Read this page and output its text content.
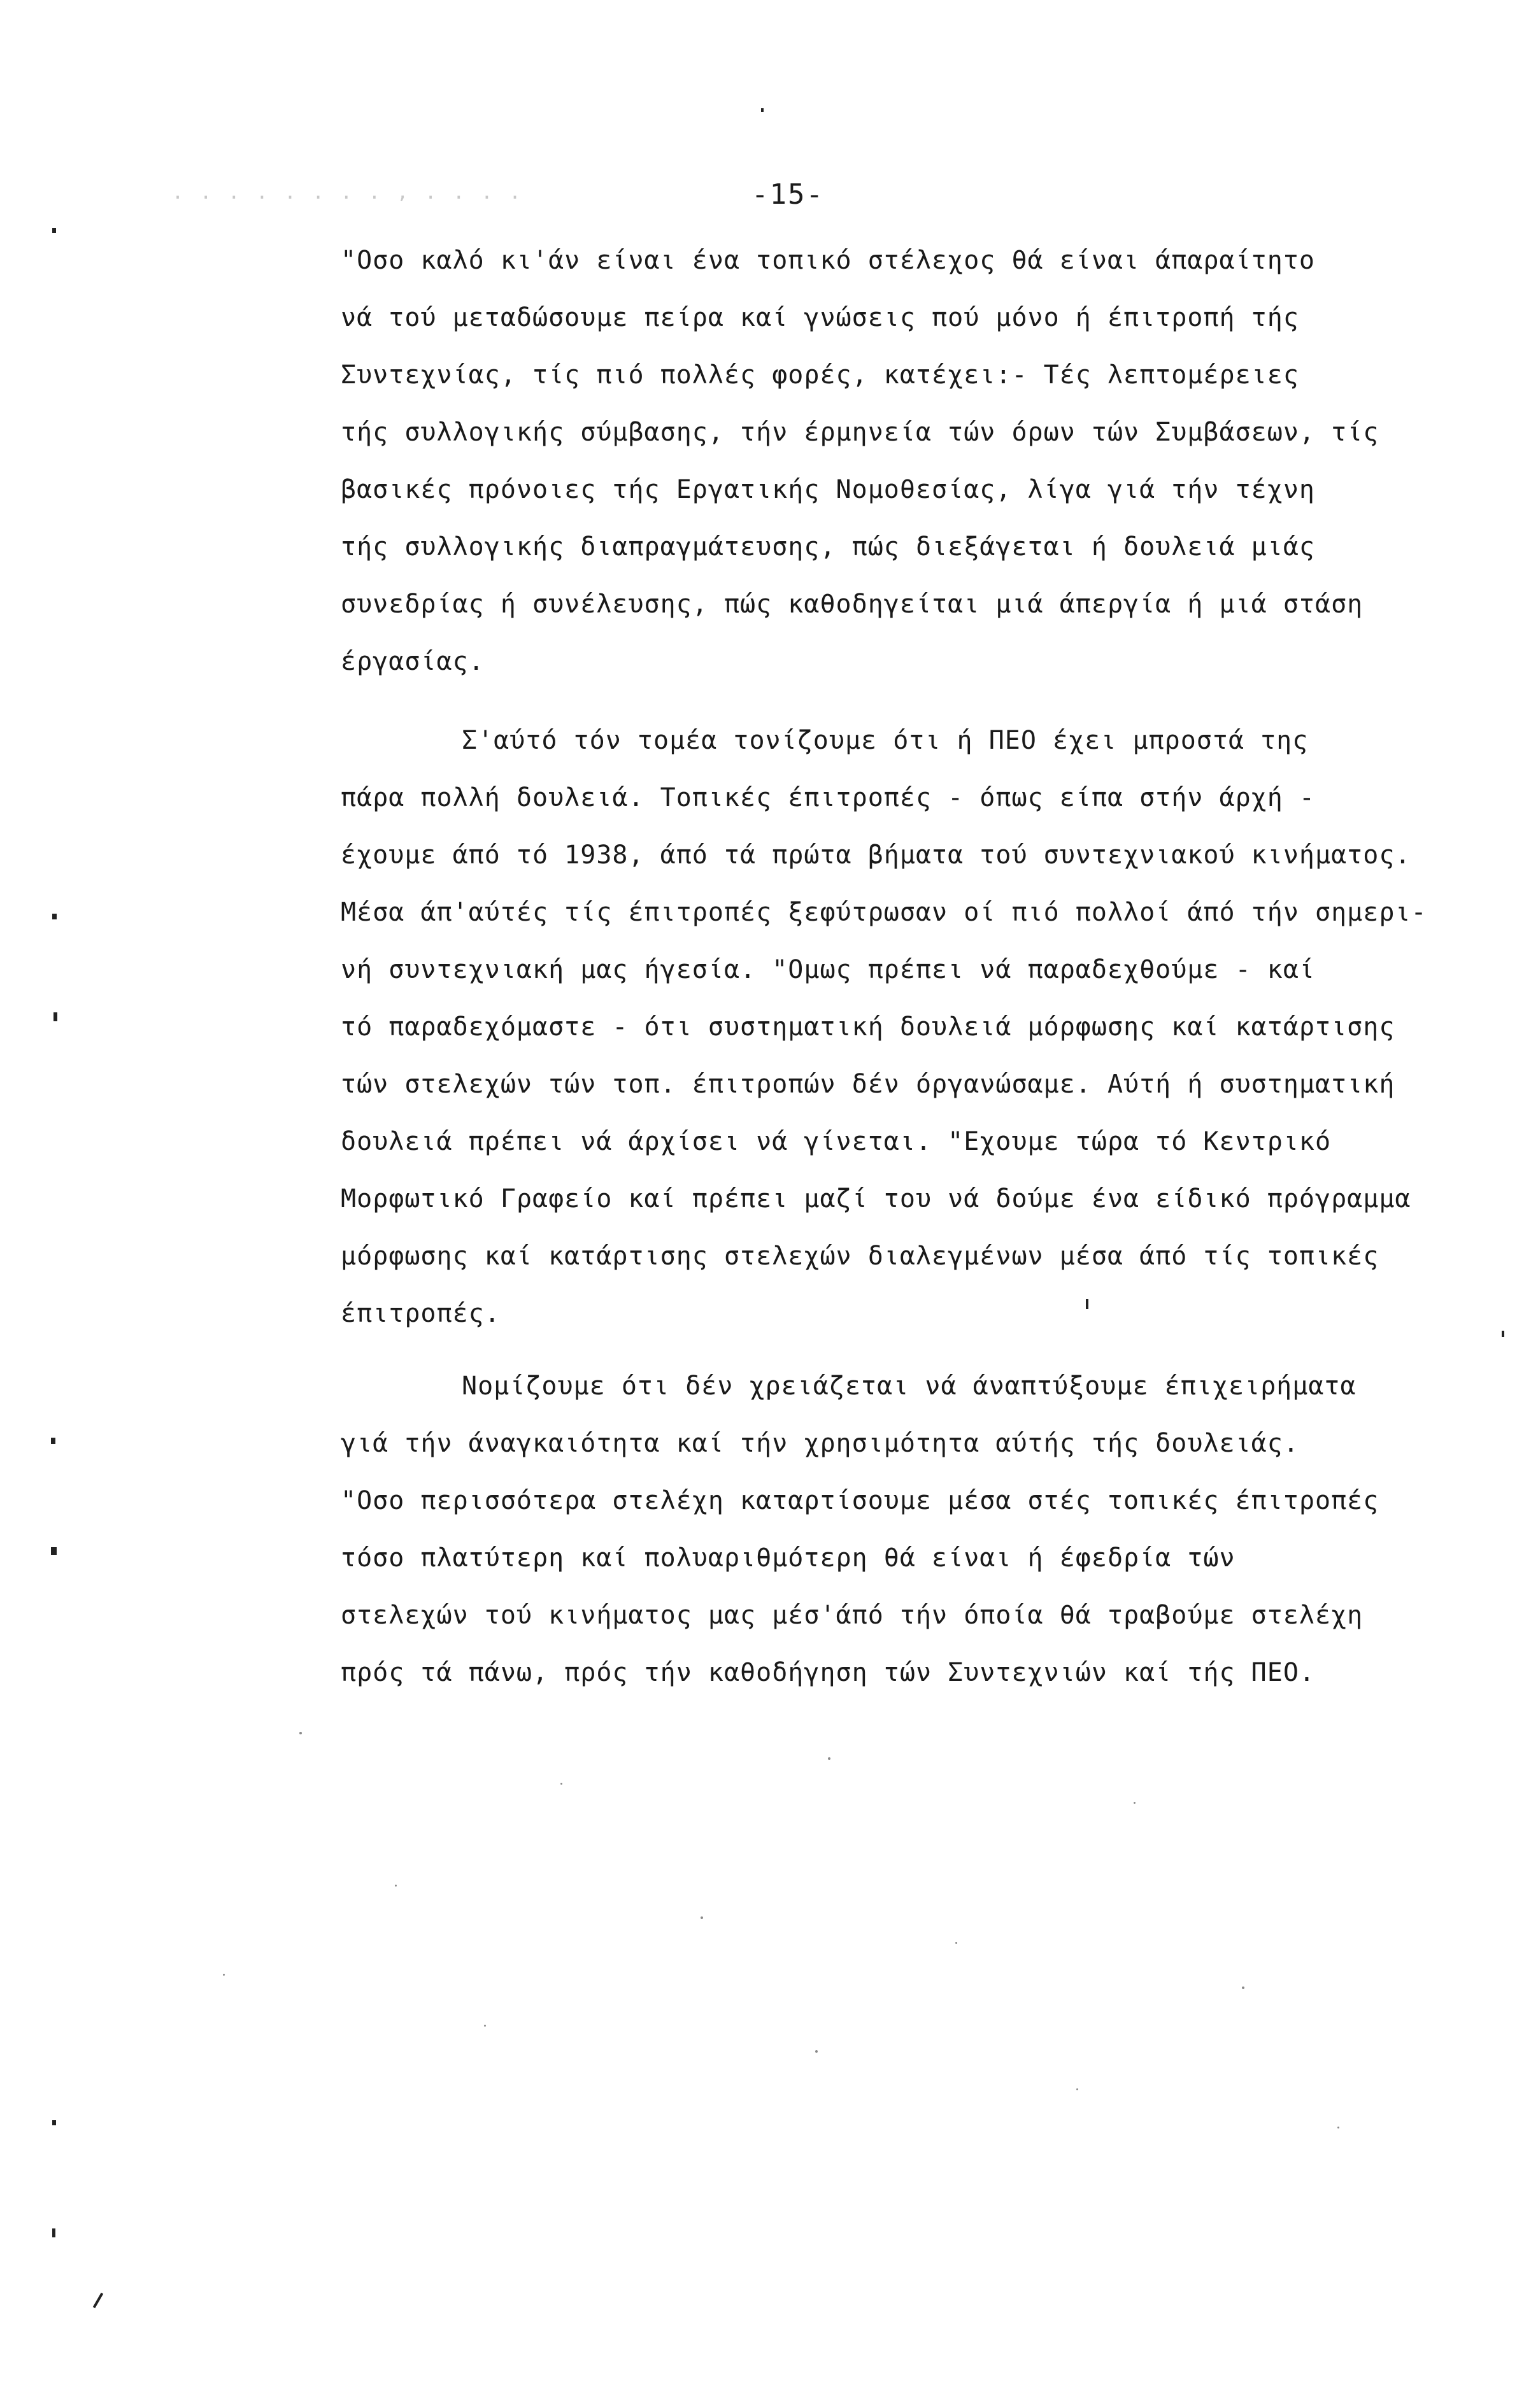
. . . . . . . . , . . . .	-15-
"Οσο καλό κι'άν είναι ένα τοπικό στέλεχος θά είναι άπαραίτητο
νά τού μεταδώσουμε πείρα καί γνώσεις πού μόνο ή έπιτροπή τής
Συντεχνίας, τίς πιό πολλές φορές, κατέχει:- Τές λεπτομέρειες
τής συλλογικής σύμβασης, τήν έρμηνεία τών όρων τών Συμβάσεων, τίς
βασικές πρόνοιες τής Εργατικής Νομοθεσίας, λίγα γιά τήν τέχνη
τής συλλογικής διαπραγμάτευσης, πώς διεξάγεται ή δουλειά μιάς
συνεδρίας ή συνέλευσης, πώς καθοδηγείται μιά άπεργία ή μιά στάση
έργασίας.
Σ'αύτό τόν τομέα τονίζουμε ότι ή ΠΕΟ έχει μπροστά της
πάρα πολλή δουλειά. Τοπικές έπιτροπές - όπως είπα στήν άρχή -
έχουμε άπό τό 1938, άπό τά πρώτα βήματα τού συντεχνιακού κινήματος.
Μέσα άπ'αύτές τίς έπιτροπές ξεφύτρωσαν οί πιό πολλοί άπό τήν σημερι-
νή συντεχνιακή μας ήγεσία. "Ομως πρέπει νά παραδεχθούμε - καί
τό παραδεχόμαστε - ότι συστηματική δουλειά μόρφωσης καί κατάρτισης
τών στελεχών τών τοπ. έπιτροπών δέν όργανώσαμε. Αύτή ή συστηματική
δουλειά πρέπει νά άρχίσει νά γίνεται. "Εχουμε τώρα τό Κεντρικό
Μορφωτικό Γραφείο καί πρέπει μαζί του νά δούμε ένα είδικό πρόγραμμα
μόρφωσης καί κατάρτισης στελεχών διαλεγμένων μέσα άπό τίς τοπικές
έπιτροπές.
Νομίζουμε ότι δέν χρειάζεται νά άναπτύξουμε έπιχειρήματα
γιά τήν άναγκαιότητα καί τήν χρησιμότητα αύτής τής δουλειάς.
"Οσο περισσότερα στελέχη καταρτίσουμε μέσα στές τοπικές έπιτροπές
τόσο πλατύτερη καί πολυαριθμότερη θά είναι ή έφεδρία τών
στελεχών τού κινήματος μας μέσ'άπό τήν όποία θά τραβούμε στελέχη
πρός τά πάνω, πρός τήν καθοδήγηση τών Συντεχνιών καί τής ΠΕΟ.
